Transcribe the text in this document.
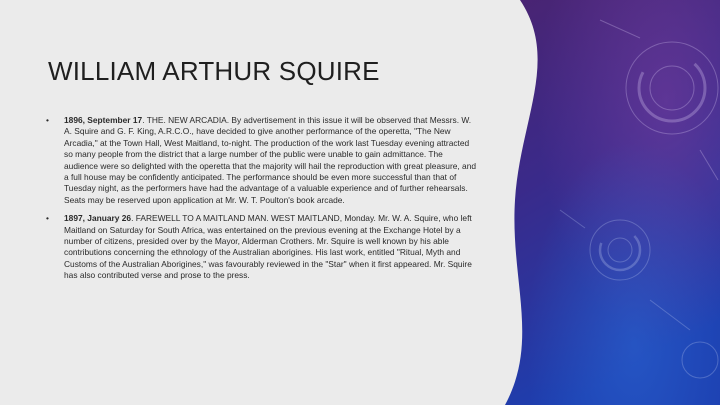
WILLIAM ARTHUR SQUIRE
• 1896, September 17. THE. NEW ARCADIA. By advertisement in this issue it will be observed that Messrs. W. A. Squire and G. F. King, A.R.C.O., have decided to give another performance of the operetta, "The New Arcadia," at the Town Hall, West Maitland, to-night. The production of the work last Tuesday evening attracted so many people from the district that a large number of the public were unable to gain admittance. The audience were so delighted with the operetta that the majority will hail the reproduction with great pleasure, and a full house may be confidently anticipated. The performance should be even more successful than that of Tuesday night, as the performers have had the advantage of a valuable experience and of further rehearsals. Seats may be reserved upon application at Mr. W. T. Poulton's book arcade.
• 1897, January 26. FAREWELL TO A MAITLAND MAN. WEST MAITLAND, Monday. Mr. W. A. Squire, who left Maitland on Saturday for South Africa, was entertained on the previous evening at the Exchange Hotel by a number of citizens, presided over by the Mayor, Alderman Crothers. Mr. Squire is well known by his able contributions concerning the ethnology of the Australian aborigines. His last work, entitled "Ritual, Myth and Customs of the Australian Aborigines," was favourably reviewed in the "Star" when it first appeared. Mr. Squire has also contributed verse and prose to the press.
